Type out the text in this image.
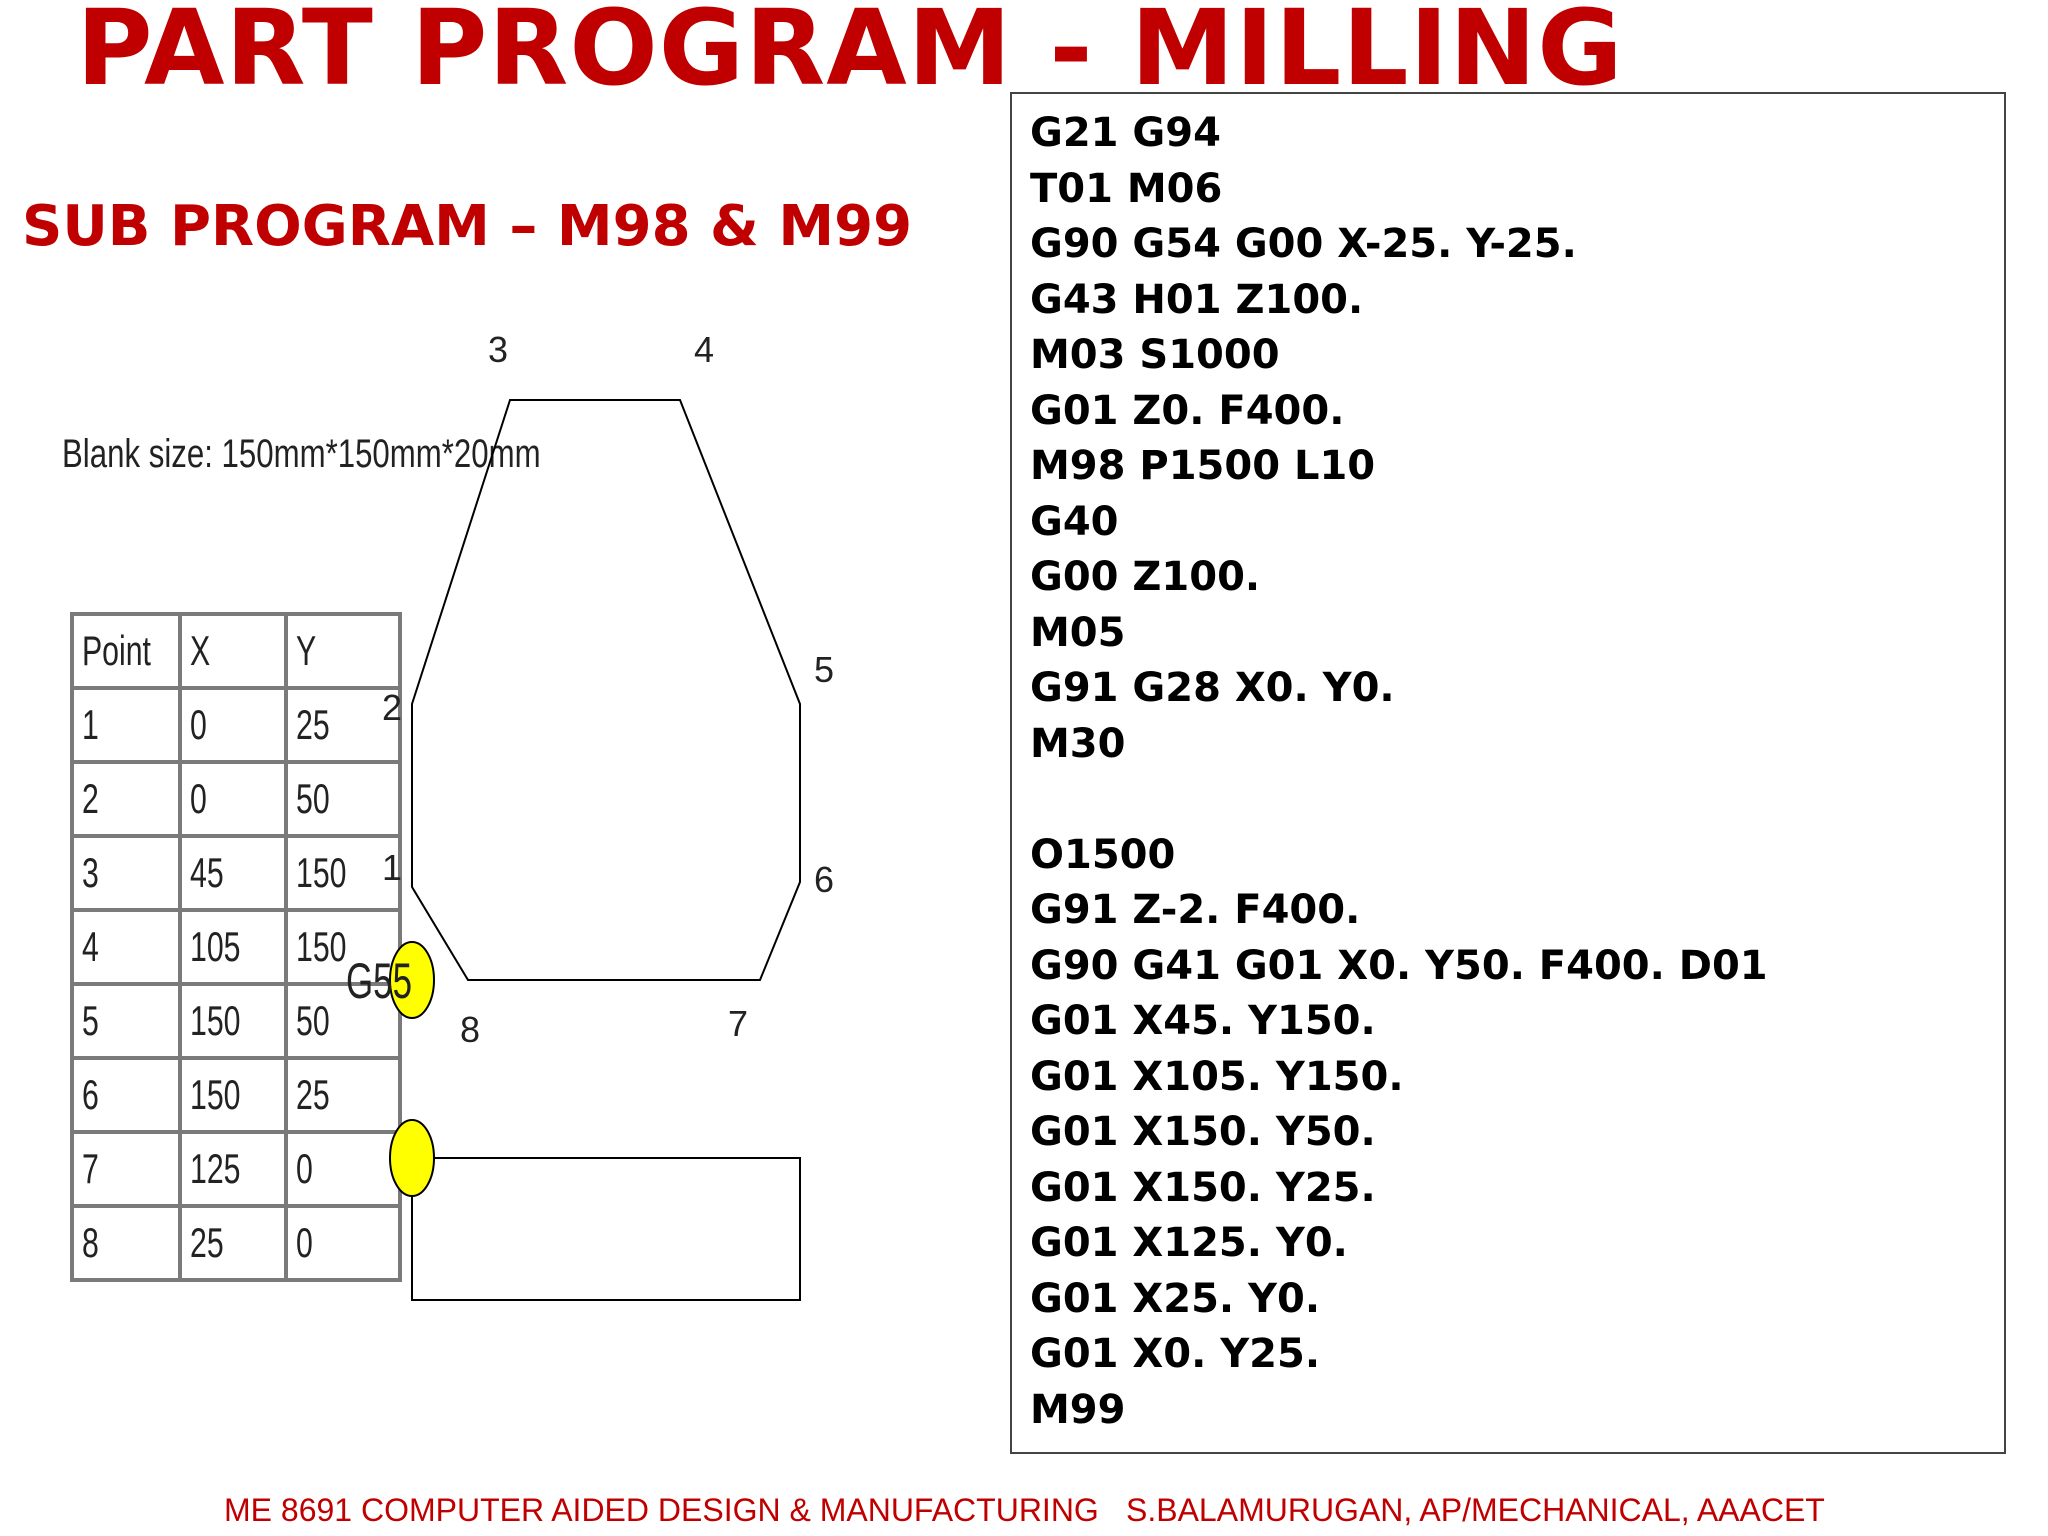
PART PROGRAM - MILLING
SUB PROGRAM – M98 & M99
Blank size: 150mm*150mm*20mm
Point	X	Y
1	0	25
2	0	50
3	45	150
4	105	150
5	150	50
6	150	25
7	125	0
8	25	0
1
2
3	4
5
6
7
8
G55
G21 G94
T01 M06
G90 G54 G00 X-25. Y-25.
G43 H01 Z100.
M03 S1000
G01 Z0. F400.
M98 P1500 L10
G40
G00 Z100.
M05
G91 G28 X0. Y0.
M30
O1500
G91 Z-2. F400.
G90 G41 G01 X0. Y50. F400. D01
G01 X45. Y150.
G01 X105. Y150.
G01 X150. Y50.
G01 X150. Y25.
G01 X125. Y0.
G01 X25. Y0.
G01 X0. Y25.
M99
ME 8691 COMPUTER AIDED DESIGN & MANUFACTURING S.BALAMURUGAN, AP/MECHANICAL, AAACET
